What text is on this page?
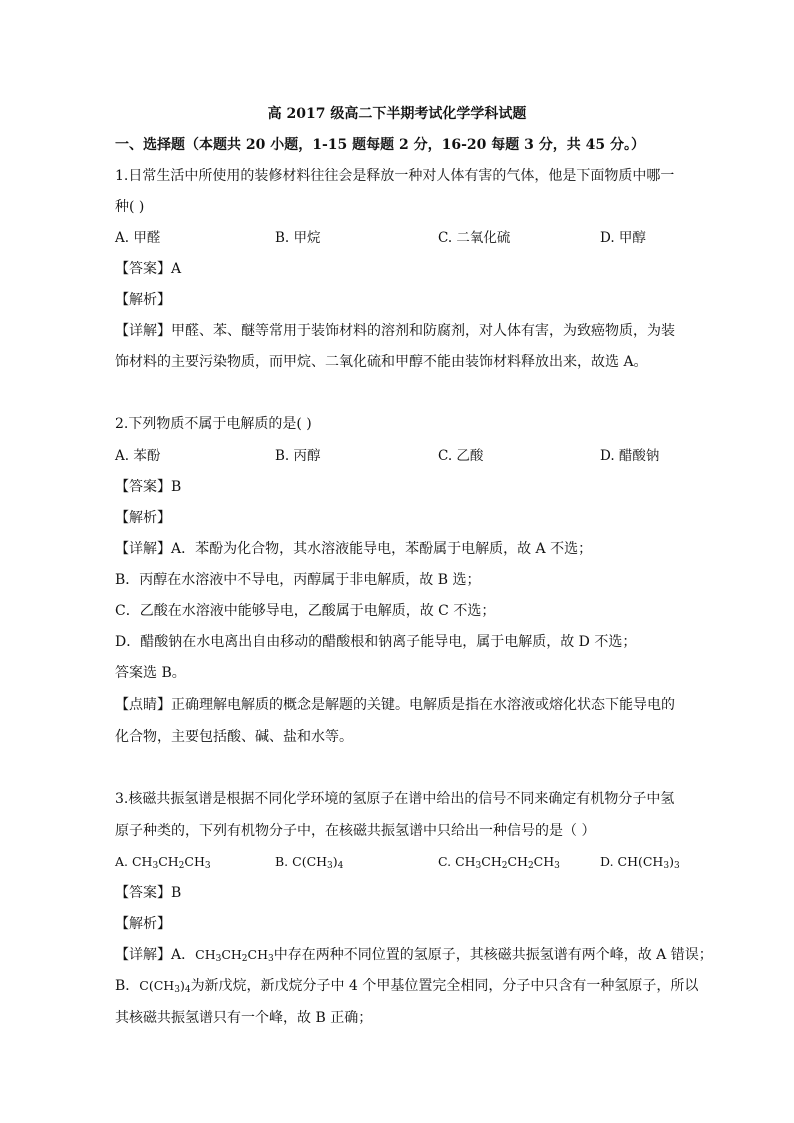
高 2017 级高二下半期考试化学学科试题
一、选择题（本题共 20 小题，1-15 题每题 2 分，16-20 每题 3 分，共 45 分。）
1.日常生活中所使用的装修材料往往会是释放一种对人体有害的气体，他是下面物质中哪一
种( )
A. 甲醛	B. 甲烷	C. 二氧化硫	D. 甲醇
【答案】A
【解析】
【详解】甲醛、苯、醚等常用于装饰材料的溶剂和防腐剂，对人体有害，为致癌物质，为装
饰材料的主要污染物质，而甲烷、二氧化硫和甲醇不能由装饰材料释放出来，故选 A。
2.下列物质不属于电解质的是( )
A. 苯酚	B. 丙醇	C. 乙酸	D. 醋酸钠
【答案】B
【解析】
【详解】A．苯酚为化合物，其水溶液能导电，苯酚属于电解质，故 A 不选；
B．丙醇在水溶液中不导电，丙醇属于非电解质，故 B 选；
C．乙酸在水溶液中能够导电，乙酸属于电解质，故 C 不选；
D．醋酸钠在水电离出自由移动的醋酸根和钠离子能导电，属于电解质，故 D 不选；
答案选 B。
【点睛】正确理解电解质的概念是解题的关键。电解质是指在水溶液或熔化状态下能导电的
化合物，主要包括酸、碱、盐和水等。
3.核磁共振氢谱是根据不同化学环境的氢原子在谱中给出的信号不同来确定有机物分子中氢
原子种类的，下列有机物分子中，在核磁共振氢谱中只给出一种信号的是（ ）
A. $CH_3CH_2CH_3$	B. $C(CH_3)_4$	C. $CH_3CH_2CH_2CH_3$	D. $CH(CH_3)_3$
【答案】B
【解析】
【详解】A．$CH_3CH_2CH_3$中存在两种不同位置的氢原子，其核磁共振氢谱有两个峰，故 A 错误；
B．$C(CH_3)_4$为新戊烷，新戊烷分子中 4 个甲基位置完全相同，分子中只含有一种氢原子，所以
其核磁共振氢谱只有一个峰，故 B 正确；
